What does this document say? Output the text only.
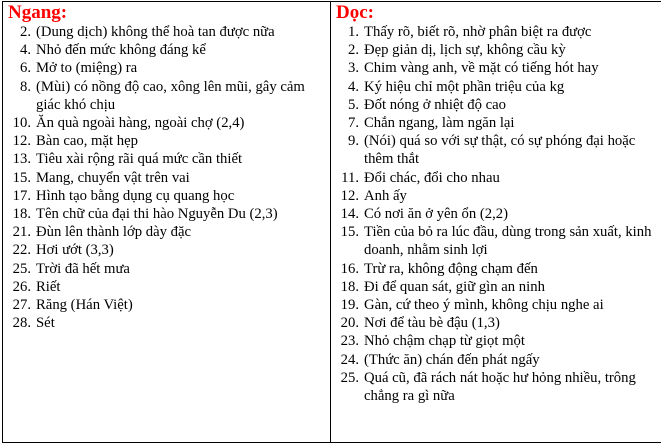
Ngang:
2. (Dung dịch) không thể hoà tan được nữa
4. Nhỏ đến mức không đáng kể
6. Mở to (miệng) ra
8. (Mùi) có nồng độ cao, xông lên mũi, gây cảm giác khó chịu
10. Ăn quà ngoài hàng, ngoài chợ (2,4)
12. Bàn cao, mặt hẹp
13. Tiêu xài rộng rãi quá mức cần thiết
15. Mang, chuyển vật trên vai
17. Hình tạo bằng dụng cụ quang học
18. Tên chữ của đại thi hào Nguyễn Du (2,3)
21. Đùn lên thành lớp dày đặc
22. Hơi ướt (3,3)
25. Trời đã hết mưa
26. Riết
27. Răng (Hán Việt)
28. Sét

Dọc:
1. Thấy rõ, biết rõ, nhờ phân biệt ra được
2. Đẹp giản dị, lịch sự, không cầu kỳ
3. Chim vàng anh, về mặt có tiếng hót hay
4. Ký hiệu chỉ một phần triệu của kg
5. Đốt nóng ở nhiệt độ cao
7. Chắn ngang, làm ngăn lại
9. (Nói) quá so với sự thật, có sự phóng đại hoặc thêm thắt
11. Đổi chác, đổi cho nhau
12. Anh ấy
14. Có nơi ăn ở yên ổn (2,2)
15. Tiền của bỏ ra lúc đầu, dùng trong sản xuất, kinh doanh, nhằm sinh lợi
16. Trừ ra, không động chạm đến
18. Đi để quan sát, giữ gìn an ninh
19. Gàn, cứ theo ý mình, không chịu nghe ai
20. Nơi để tàu bè đậu (1,3)
23. Nhỏ chậm chạp từ giọt một
24. (Thức ăn) chán đến phát ngấy
25. Quá cũ, đã rách nát hoặc hư hỏng nhiều, trông chẳng ra gì nữa
